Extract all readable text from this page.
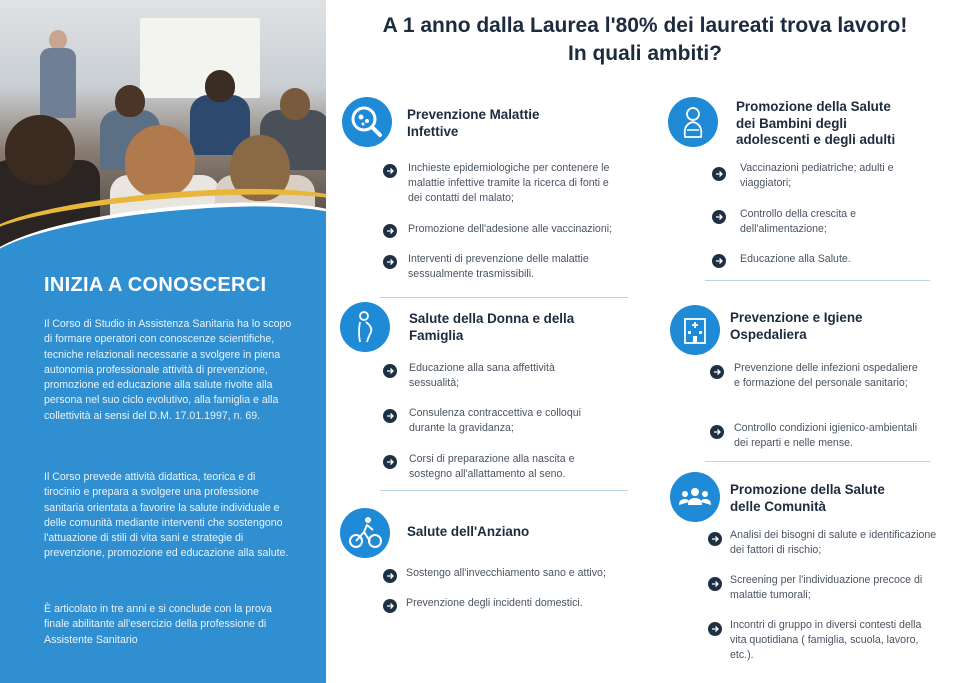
INIZIA A CONOSCERCI

Il Corso di Studio in Assistenza Sanitaria ha lo scopo di formare operatori con conoscenze scientifiche, tecniche relazionali necessarie a svolgere in piena autonomia professionale attività di prevenzione, promozione ed educazione alla salute rivolte alla persona nel suo ciclo evolutivo, alla famiglia e alla collettività ai sensi del D.M. 17.01.1997, n. 69.

Il Corso prevede attività didattica, teorica e di tirocinio e prepara a svolgere una professione sanitaria orientata a favorire la salute individuale e delle comunità mediante interventi che sostengono l'attuazione di stili di vita sani e strategie di prevenzione, promozione ed educazione alla salute.

È articolato in tre anni e si conclude con la prova finale abilitante all'esercizio della professione di Assistente Sanitario

A 1 anno dalla Laurea l'80% dei laureati trova lavoro!
In quali ambiti?
Prevenzione Malattie
Infettive
Inchieste epidemiologiche per contenere le malattie infettive tramite la ricerca di fonti e dei contatti del malato;
Promozione dell'adesione alle vaccinazioni;
Interventi di prevenzione delle malattie sessualmente trasmissibili.
Salute della Donna e della
Famiglia
Educazione alla sana affettività sessualità;
Consulenza contraccettiva e colloqui durante la gravidanza;
Corsi di preparazione alla nascita e sostegno all'allattamento al seno.
Salute dell'Anziano
Sostengo all'invecchiamento sano e attivo;
Prevenzione degli incidenti domestici.
Promozione della Salute
dei Bambini degli
adolescenti e degli adulti
Vaccinazioni pediatriche; adulti e viaggiatori;
Controllo della crescita e dell'alimentazione;
Educazione alla Salute.
Prevenzione e Igiene
Ospedaliera
Prevenzione delle infezioni ospedaliere e formazione del personale sanitario;
Controllo condizioni igienico-ambientali dei reparti e nelle mense.
Promozione della Salute
delle Comunità
Analisi dei bisogni di salute e identificazione dei fattori di rischio;
Screening per l'individuazione precoce di malattie tumorali;
Incontri di gruppo in diversi contesti della vita quotidiana ( famiglia, scuola, lavoro, etc.).
